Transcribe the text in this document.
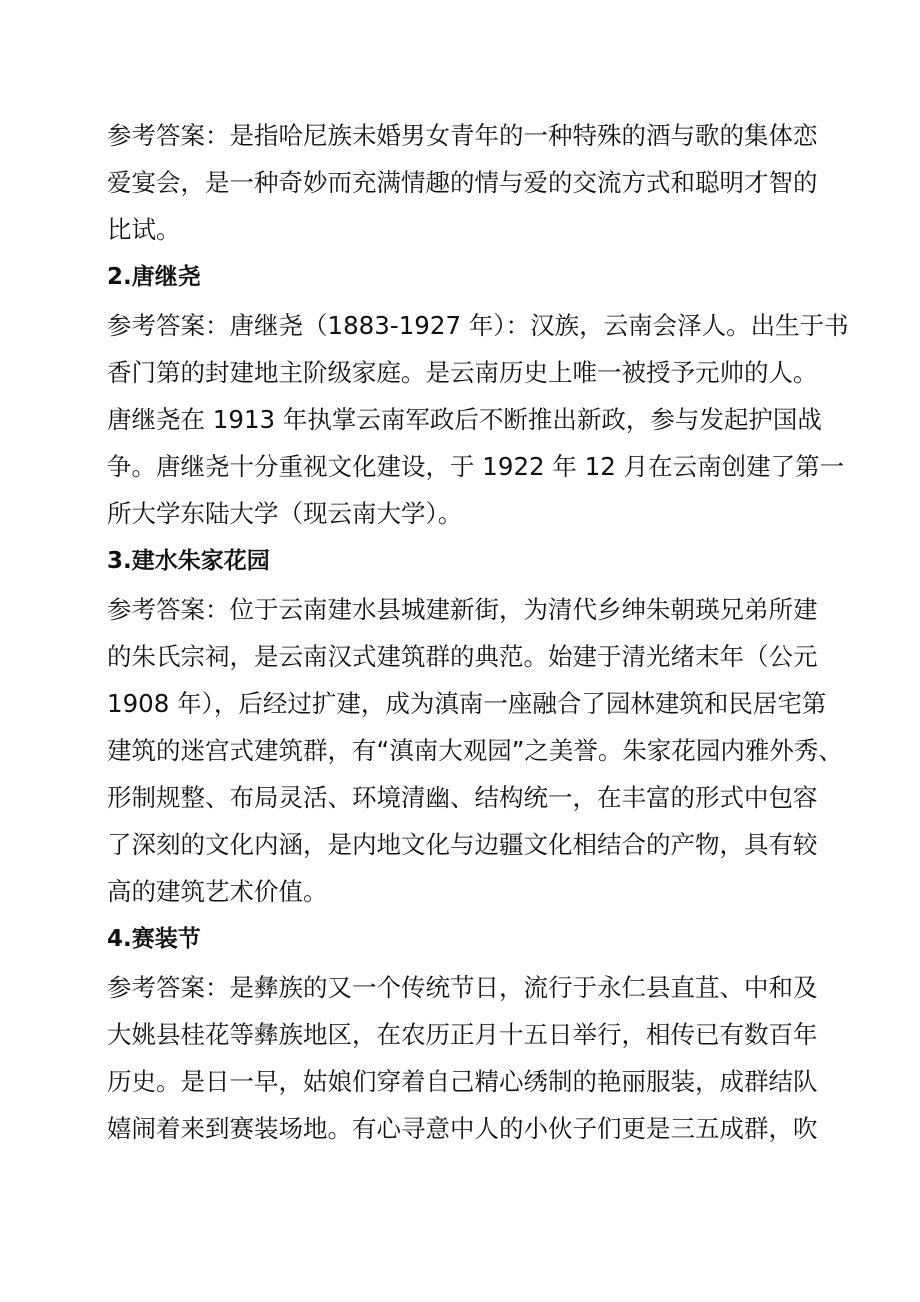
参考答案：是指哈尼族未婚男女青年的一种特殊的酒与歌的集体恋
爱宴会，是一种奇妙而充满情趣的情与爱的交流方式和聪明才智的
比试。
2.唐继尧
参考答案：唐继尧（1883-1927 年）：汉族，云南会泽人。出生于书
香门第的封建地主阶级家庭。是云南历史上唯一被授予元帅的人。
唐继尧在 1913 年执掌云南军政后不断推出新政，参与发起护国战
争。唐继尧十分重视文化建设，于 1922 年 12 月在云南创建了第一
所大学东陆大学（现云南大学）。
3.建水朱家花园
参考答案：位于云南建水县城建新街，为清代乡绅朱朝瑛兄弟所建
的朱氏宗祠，是云南汉式建筑群的典范。始建于清光绪末年（公元
1908 年），后经过扩建，成为滇南一座融合了园林建筑和民居宅第
建筑的迷宫式建筑群，有“滇南大观园”之美誉。朱家花园内雅外秀、
形制规整、布局灵活、环境清幽、结构统一，在丰富的形式中包容
了深刻的文化内涵，是内地文化与边疆文化相结合的产物，具有较
高的建筑艺术价值。
4.赛装节
参考答案：是彝族的又一个传统节日，流行于永仁县直苴、中和及
大姚县桂花等彝族地区，在农历正月十五日举行，相传已有数百年
历史。是日一早，姑娘们穿着自己精心绣制的艳丽服装，成群结队
嬉闹着来到赛装场地。有心寻意中人的小伙子们更是三五成群，吹
